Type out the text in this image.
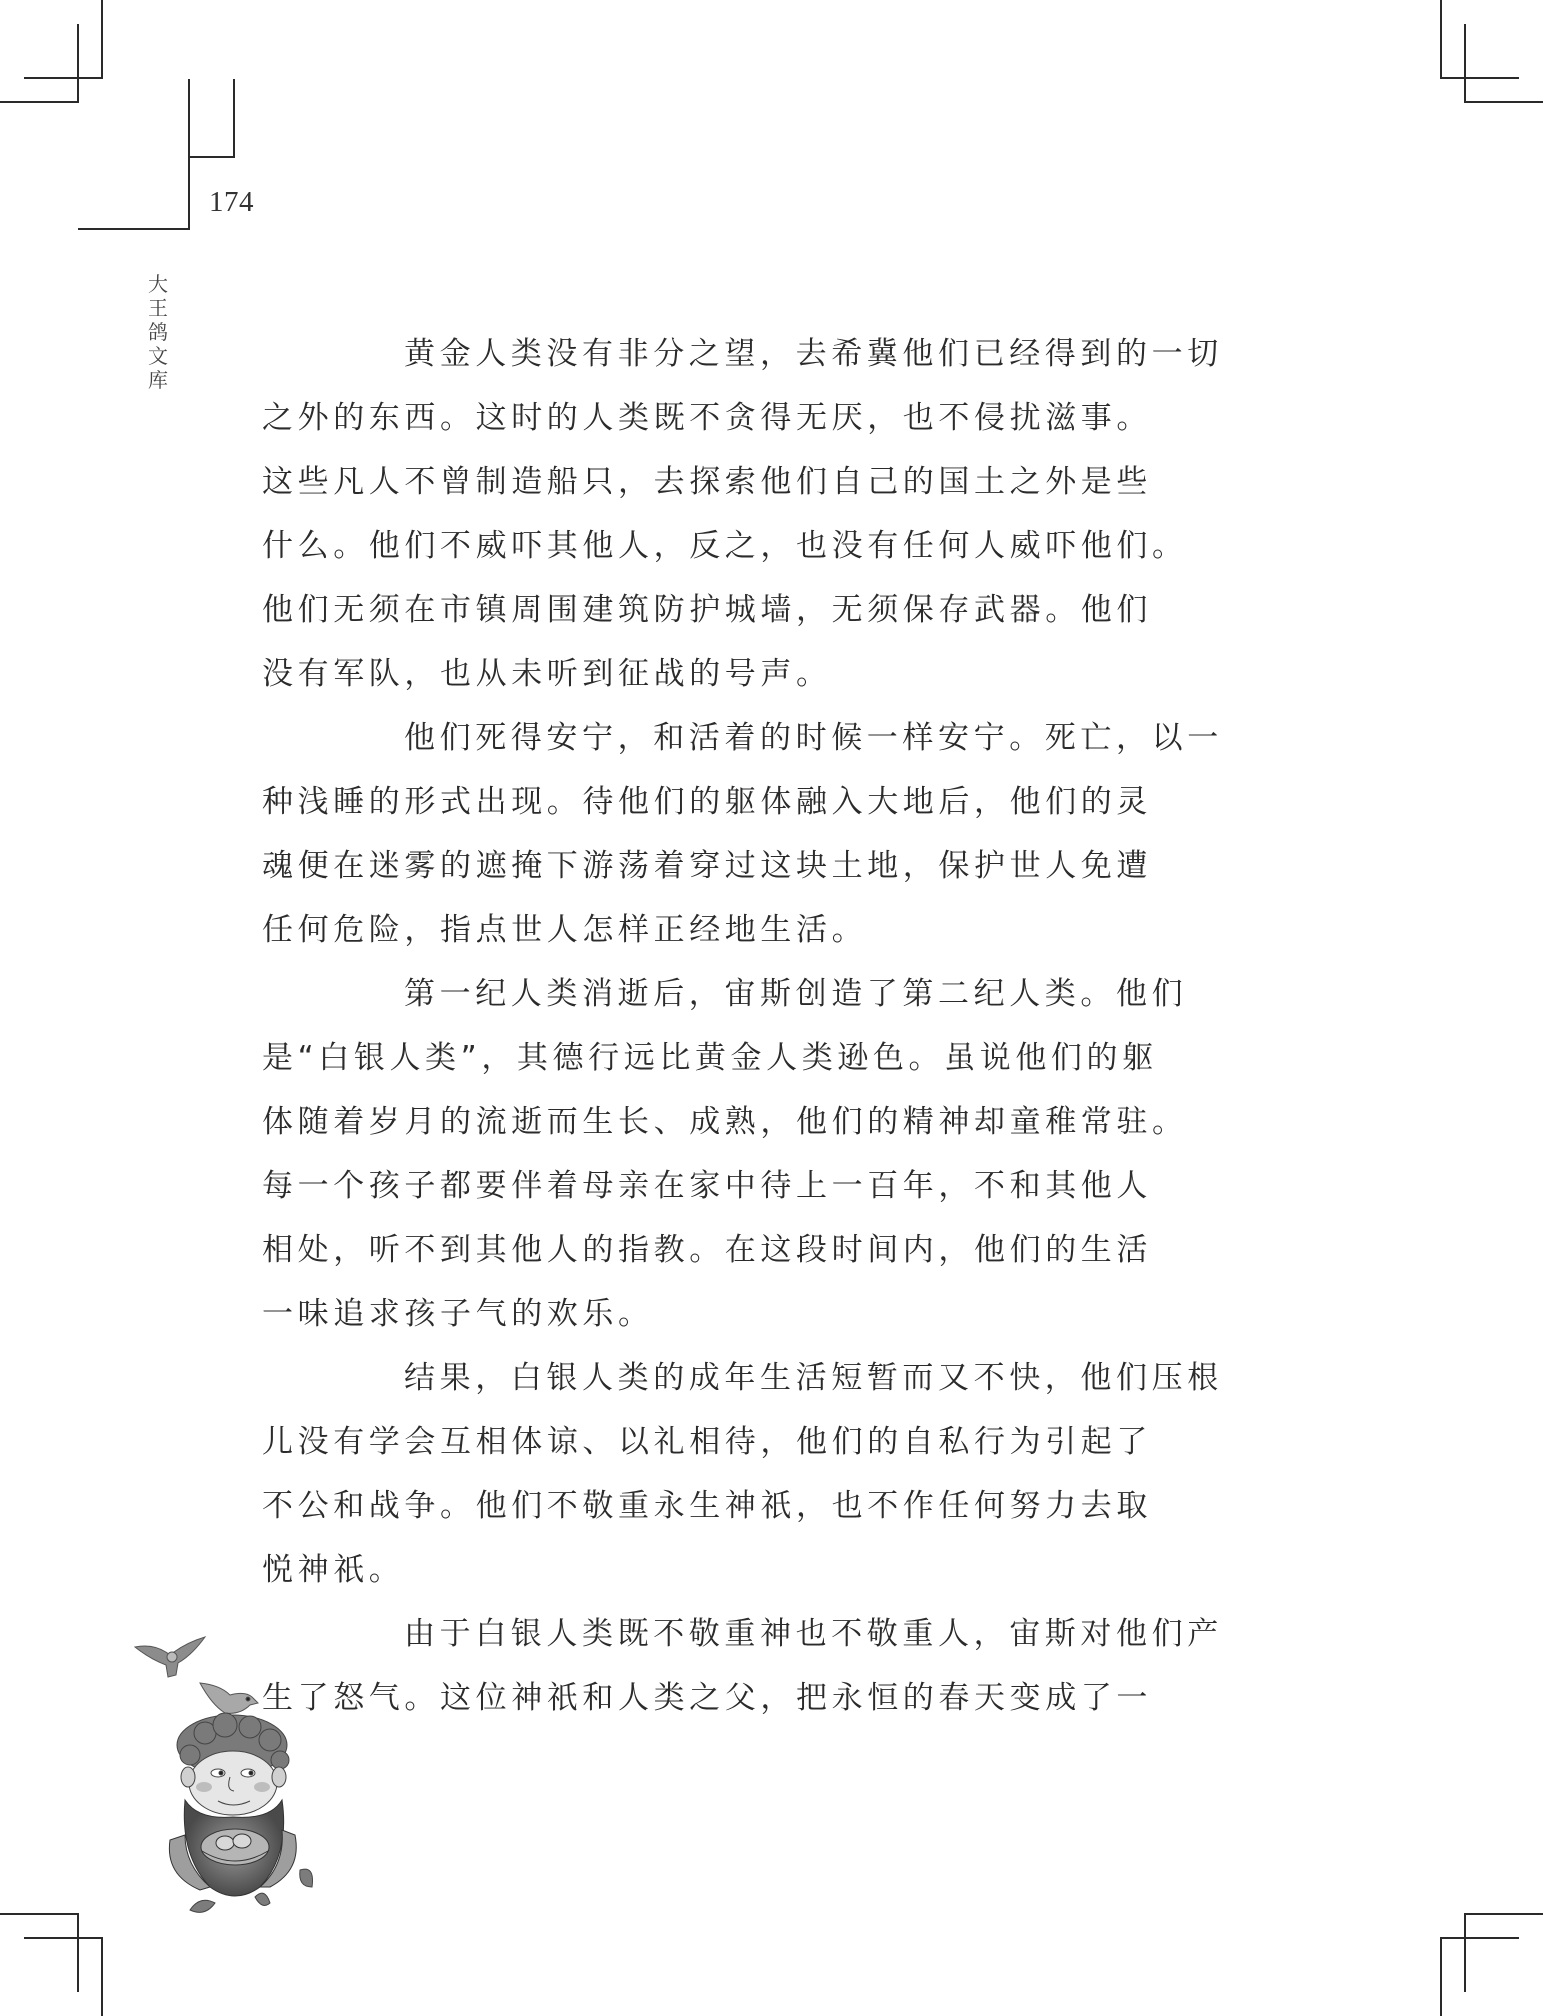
174
大王鸽文库

黄金人类没有非分之望，去希冀他们已经得到的一切
之外的东西。这时的人类既不贪得无厌，也不侵扰滋事。
这些凡人不曾制造船只，去探索他们自己的国土之外是些
什么。他们不威吓其他人，反之，也没有任何人威吓他们。
他们无须在市镇周围建筑防护城墙，无须保存武器。他们
没有军队，也从未听到征战的号声。

他们死得安宁，和活着的时候一样安宁。死亡，以一
种浅睡的形式出现。待他们的躯体融入大地后，他们的灵
魂便在迷雾的遮掩下游荡着穿过这块土地，保护世人免遭
任何危险，指点世人怎样正经地生活。

第一纪人类消逝后，宙斯创造了第二纪人类。他们
是“白银人类”，其德行远比黄金人类逊色。虽说他们的躯
体随着岁月的流逝而生长、成熟，他们的精神却童稚常驻。
每一个孩子都要伴着母亲在家中待上一百年，不和其他人
相处，听不到其他人的指教。在这段时间内，他们的生活
一味追求孩子气的欢乐。

结果，白银人类的成年生活短暂而又不快，他们压根
儿没有学会互相体谅、以礼相待，他们的自私行为引起了
不公和战争。他们不敬重永生神祇，也不作任何努力去取
悦神祇。

由于白银人类既不敬重神也不敬重人，宙斯对他们产
生了怒气。这位神祇和人类之父，把永恒的春天变成了一
